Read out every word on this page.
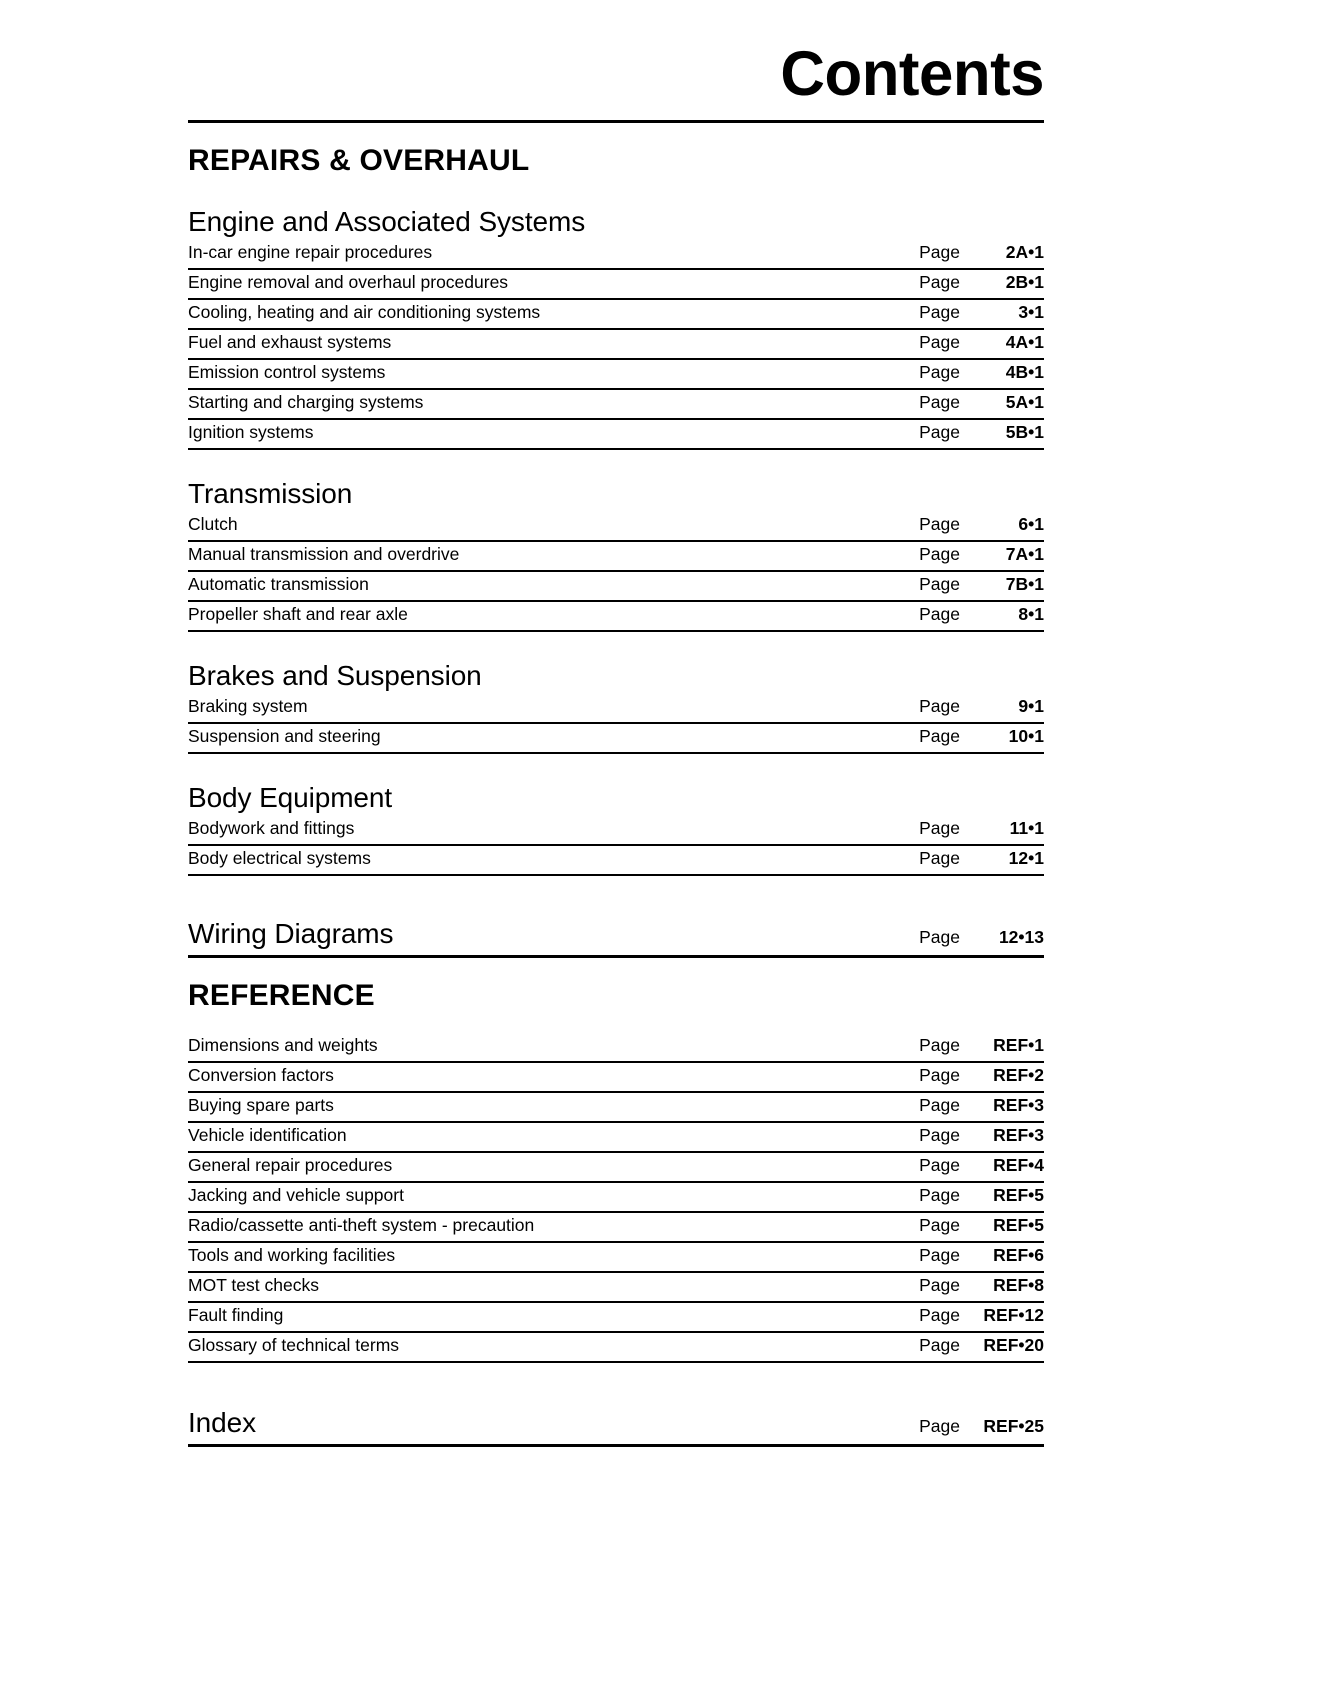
Contents
REPAIRS & OVERHAUL
Engine and Associated Systems
In-car engine repair procedures	Page	2A•1
Engine removal and overhaul procedures	Page	2B•1
Cooling, heating and air conditioning systems	Page	3•1
Fuel and exhaust systems	Page	4A•1
Emission control systems	Page	4B•1
Starting and charging systems	Page	5A•1
Ignition systems	Page	5B•1
Transmission
Clutch	Page	6•1
Manual transmission and overdrive	Page	7A•1
Automatic transmission	Page	7B•1
Propeller shaft and rear axle	Page	8•1
Brakes and Suspension
Braking system	Page	9•1
Suspension and steering	Page	10•1
Body Equipment
Bodywork and fittings	Page	11•1
Body electrical systems	Page	12•1
Wiring Diagrams	Page	12•13
REFERENCE
Dimensions and weights	Page	REF•1
Conversion factors	Page	REF•2
Buying spare parts	Page	REF•3
Vehicle identification	Page	REF•3
General repair procedures	Page	REF•4
Jacking and vehicle support	Page	REF•5
Radio/cassette anti-theft system - precaution	Page	REF•5
Tools and working facilities	Page	REF•6
MOT test checks	Page	REF•8
Fault finding	Page	REF•12
Glossary of technical terms	Page	REF•20
Index	Page	REF•25
